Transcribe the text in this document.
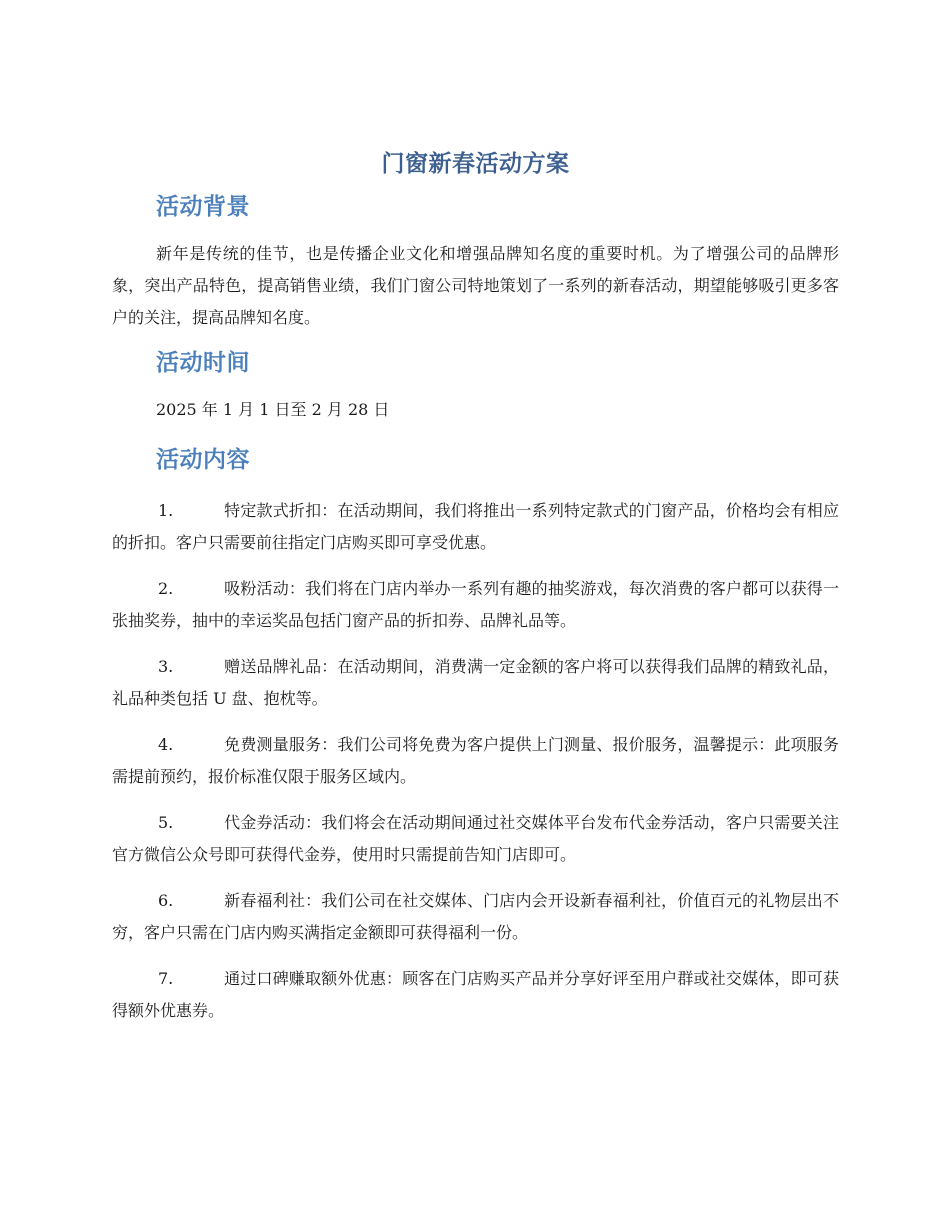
门窗新春活动方案
活动背景

新年是传统的佳节，也是传播企业文化和增强品牌知名度的重要时机。为了增强公司的品牌形象，突出产品特色，提高销售业绩，我们门窗公司特地策划了一系列的新春活动，期望能够吸引更多客户的关注，提高品牌知名度。

活动时间

2025 年 1 月 1 日至 2 月 28 日

活动内容

1.	特定款式折扣：在活动期间，我们将推出一系列特定款式的门窗产品，价格均会有相应的折扣。客户只需要前往指定门店购买即可享受优惠。

2.	吸粉活动：我们将在门店内举办一系列有趣的抽奖游戏，每次消费的客户都可以获得一张抽奖券，抽中的幸运奖品包括门窗产品的折扣券、品牌礼品等。

3.	赠送品牌礼品：在活动期间，消费满一定金额的客户将可以获得我们品牌的精致礼品，礼品种类包括 U 盘、抱枕等。

4.	免费测量服务：我们公司将免费为客户提供上门测量、报价服务，温馨提示：此项服务需提前预约，报价标准仅限于服务区域内。

5.	代金券活动：我们将会在活动期间通过社交媒体平台发布代金券活动，客户只需要关注官方微信公众号即可获得代金券，使用时只需提前告知门店即可。

6.	新春福利社：我们公司在社交媒体、门店内会开设新春福利社，价值百元的礼物层出不穷，客户只需在门店内购买满指定金额即可获得福利一份。

7.	通过口碑赚取额外优惠：顾客在门店购买产品并分享好评至用户群或社交媒体，即可获得额外优惠券。
